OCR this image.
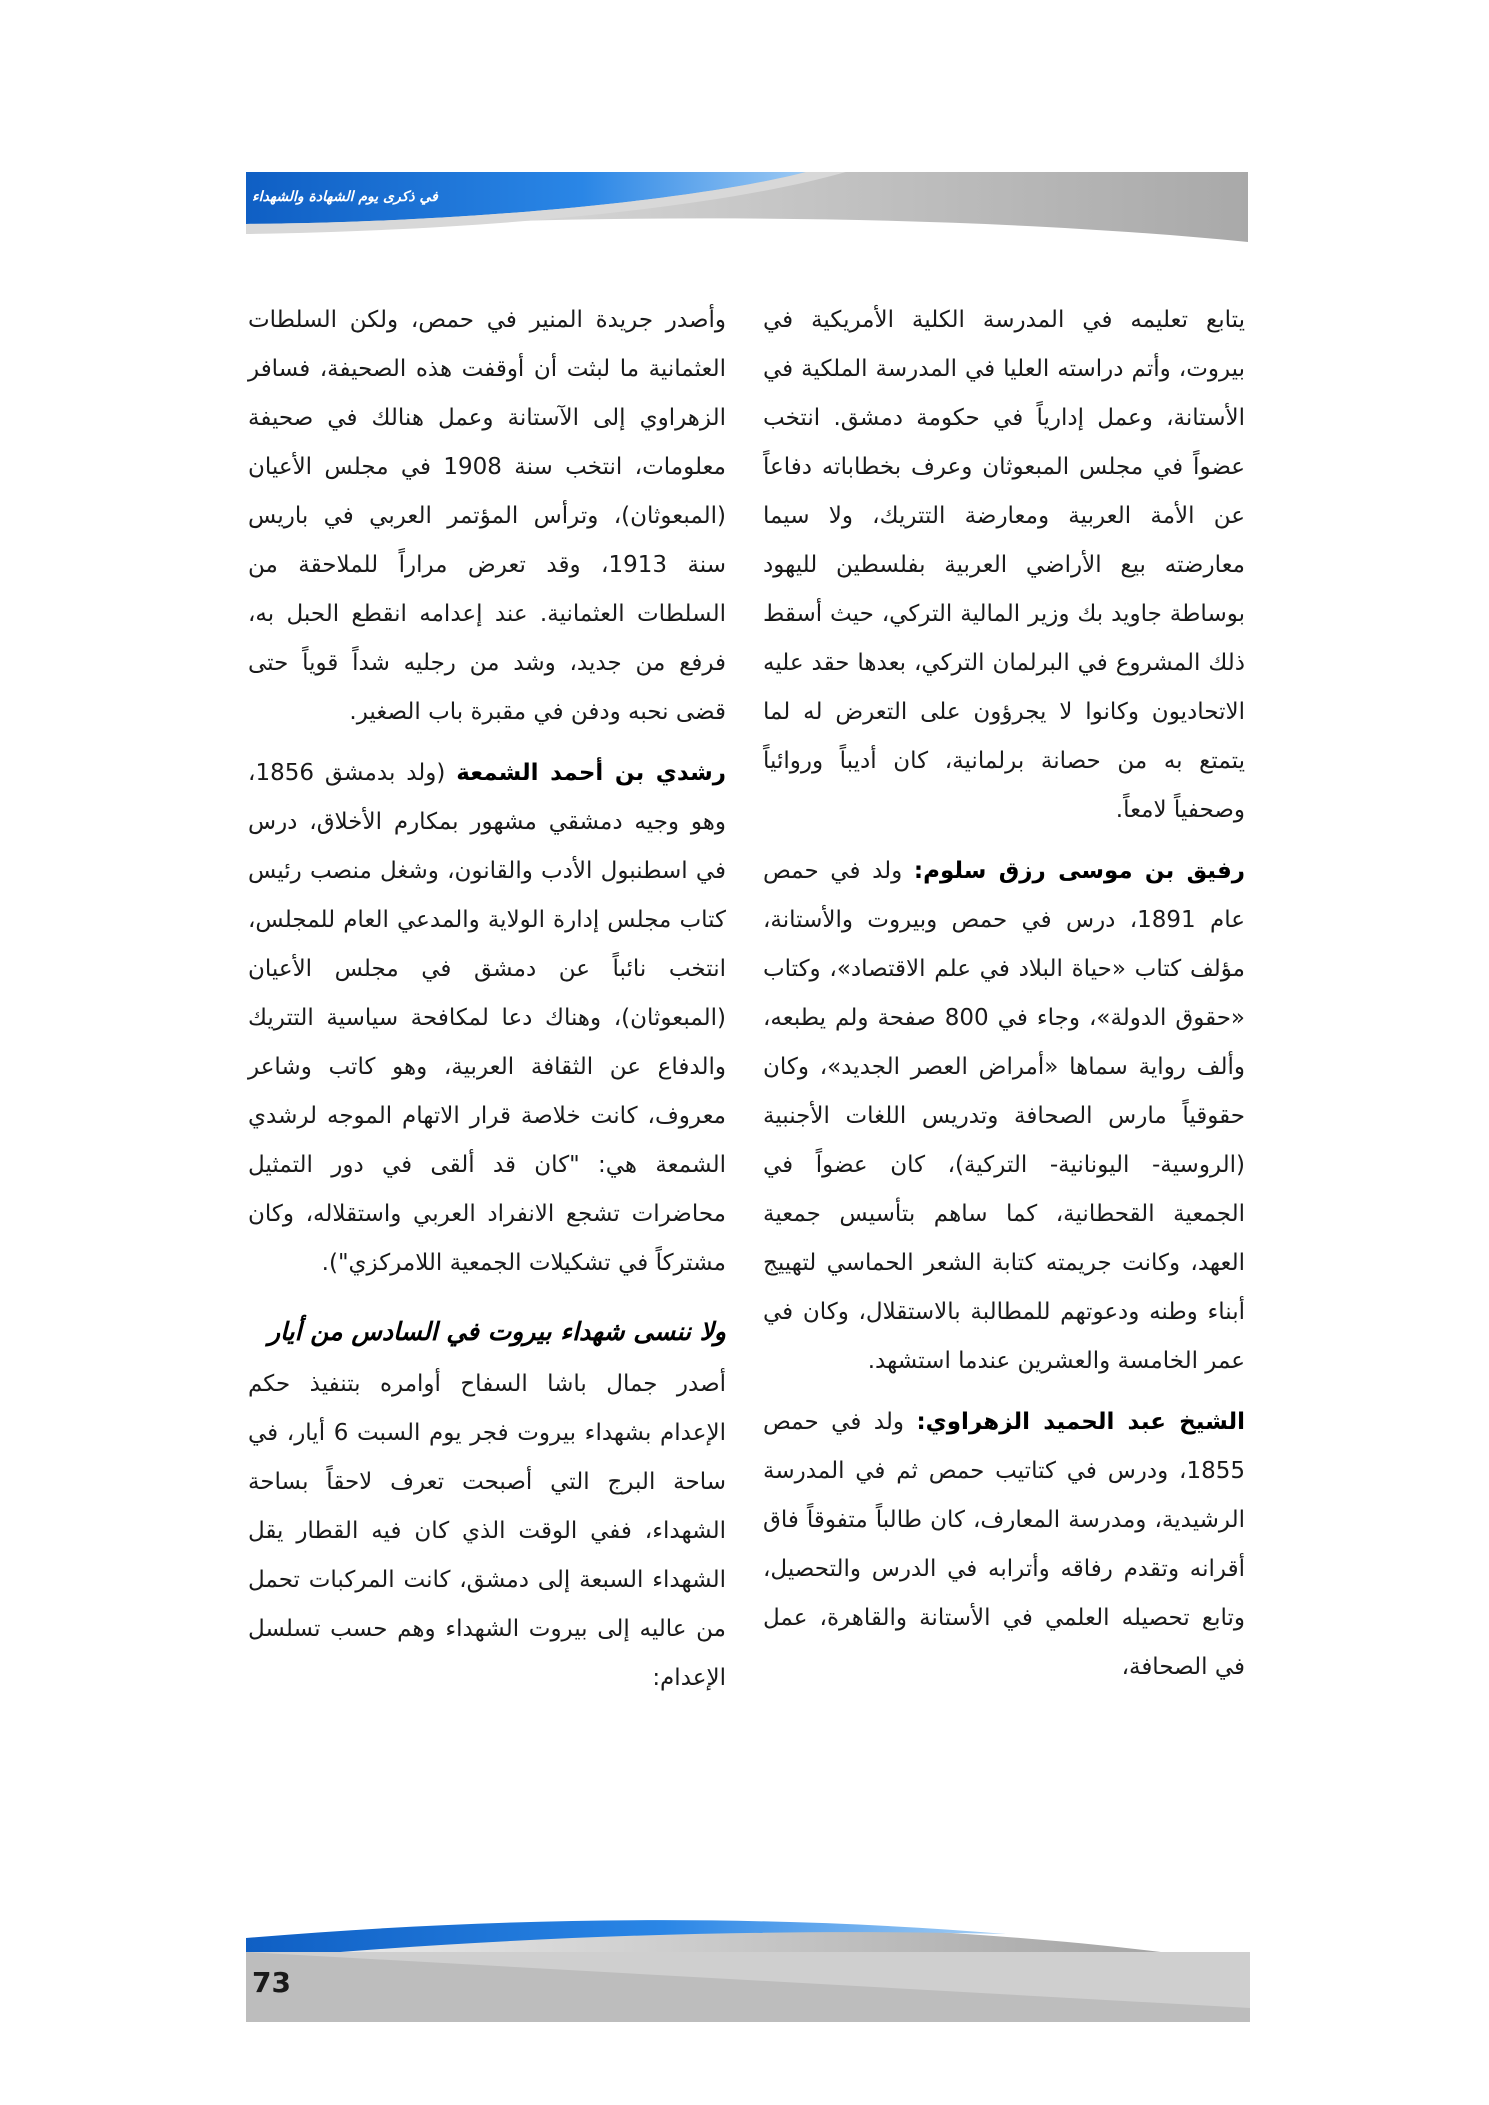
في ذكرى يوم الشهادة والشهداء

يتابع تعليمه في المدرسة الكلية الأمريكية في بيروت، وأتم دراسته العليا في المدرسة الملكية في الأستانة، وعمل إدارياً في حكومة دمشق. انتخب عضواً في مجلس المبعوثان وعرف بخطاباته دفاعاً عن الأمة العربية ومعارضة التتريك، ولا سيما معارضته بيع الأراضي العربية بفلسطين لليهود بوساطة جاويد بك وزير المالية التركي، حيث أسقط ذلك المشروع في البرلمان التركي، بعدها حقد عليه الاتحاديون وكانوا لا يجرؤون على التعرض له لما يتمتع به من حصانة برلمانية، كان أديباً وروائياً وصحفياً لامعاً.

رفيق بن موسى رزق سلوم: ولد في حمص عام 1891، درس في حمص وبيروت والأستانة، مؤلف كتاب «حياة البلاد في علم الاقتصاد»، وكتاب «حقوق الدولة»، وجاء في 800 صفحة ولم يطبعه، وألف رواية سماها «أمراض العصر الجديد»، وكان حقوقياً مارس الصحافة وتدريس اللغات الأجنبية (الروسية- اليونانية- التركية)، كان عضواً في الجمعية القحطانية، كما ساهم بتأسيس جمعية العهد، وكانت جريمته كتابة الشعر الحماسي لتهييج أبناء وطنه ودعوتهم للمطالبة بالاستقلال، وكان في عمر الخامسة والعشرين عندما استشهد.

الشيخ عبد الحميد الزهراوي: ولد في حمص 1855، ودرس في كتاتيب حمص ثم في المدرسة الرشيدية، ومدرسة المعارف، كان طالباً متفوقاً فاق أقرانه وتقدم رفاقه وأترابه في الدرس والتحصيل، وتابع تحصيله العلمي في الأستانة والقاهرة، عمل في الصحافة،

وأصدر جريدة المنير في حمص، ولكن السلطات العثمانية ما لبثت أن أوقفت هذه الصحيفة، فسافر الزهراوي إلى الآستانة وعمل هنالك في صحيفة معلومات، انتخب سنة 1908 في مجلس الأعيان (المبعوثان)، وترأس المؤتمر العربي في باريس سنة 1913، وقد تعرض مراراً للملاحقة من السلطات العثمانية. عند إعدامه انقطع الحبل به، فرفع من جديد، وشد من رجليه شداً قوياً حتى قضى نحبه ودفن في مقبرة باب الصغير.

رشدي بن أحمد الشمعة (ولد بدمشق 1856، وهو وجيه دمشقي مشهور بمكارم الأخلاق، درس في اسطنبول الأدب والقانون، وشغل منصب رئيس كتاب مجلس إدارة الولاية والمدعي العام للمجلس، انتخب نائباً عن دمشق في مجلس الأعيان (المبعوثان)، وهناك دعا لمكافحة سياسية التتريك والدفاع عن الثقافة العربية، وهو كاتب وشاعر معروف، كانت خلاصة قرار الاتهام الموجه لرشدي الشمعة هي: "كان قد ألقى في دور التمثيل محاضرات تشجع الانفراد العربي واستقلاله، وكان مشتركاً في تشكيلات الجمعية اللامركزي").

ولا ننسى شهداء بيروت في السادس من أيار

أصدر جمال باشا السفاح أوامره بتنفيذ حكم الإعدام بشهداء بيروت فجر يوم السبت 6 أيار، في ساحة البرج التي أصبحت تعرف لاحقاً بساحة الشهداء، ففي الوقت الذي كان فيه القطار يقل الشهداء السبعة إلى دمشق، كانت المركبات تحمل من عاليه إلى بيروت الشهداء وهم حسب تسلسل الإعدام:

73
